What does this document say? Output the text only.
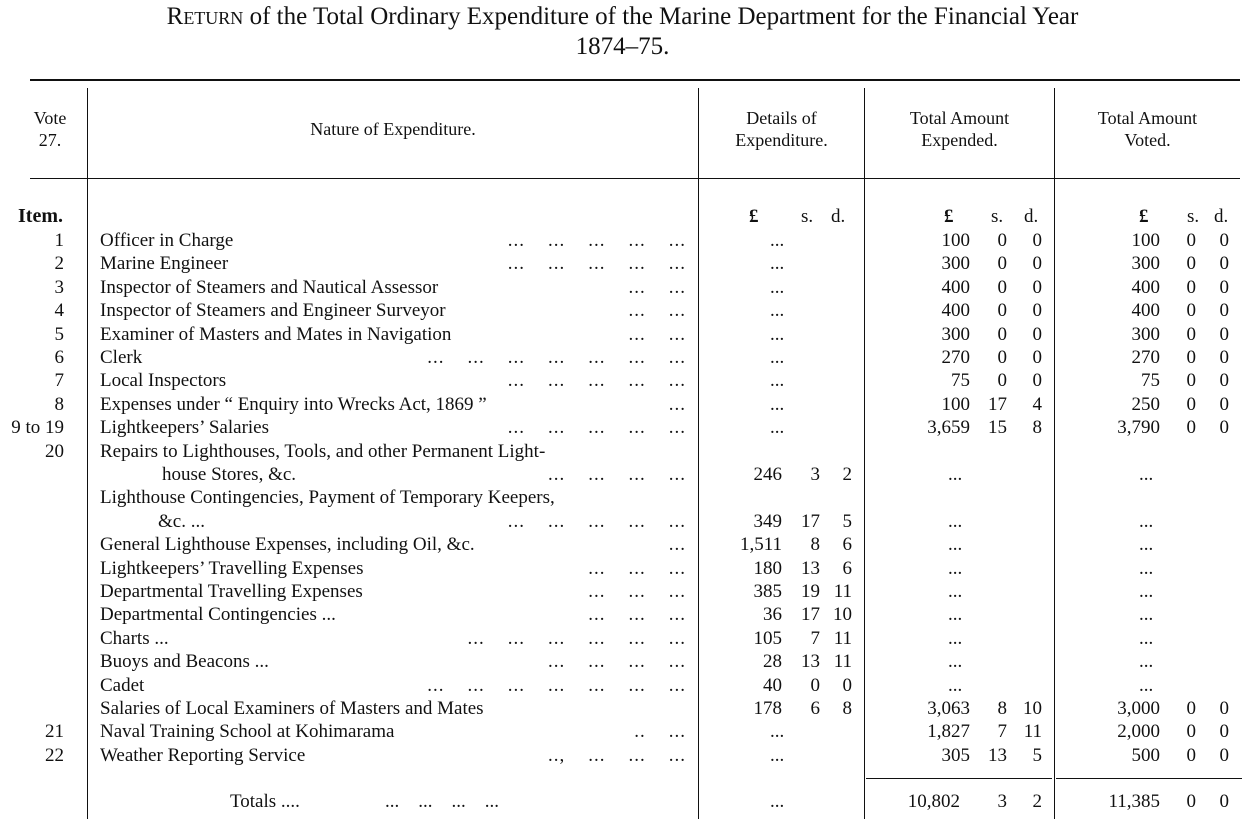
Return of the Total Ordinary Expenditure of the Marine Department for the Financial Year
1874–75.
Vote
27.
Nature of Expenditure.
Details of
Expenditure.
Total Amount
Expended.
Total Amount
Voted.
Item.	£ s. d.	£ s. d.	£ s. d.
1 Officer in Charge	...    ...    ...    ...    ...	...	100	0	0	100	0	0
2 Marine Engineer	...    ...    ...    ...    ...	...	300	0	0	300	0	0
3 Inspector of Steamers and Nautical Assessor	...    ...	...	400	0	0	400	0	0
4 Inspector of Steamers and Engineer Surveyor	...    ...	...	400	0	0	400	0	0
5 Examiner of Masters and Mates in Navigation	...    ...	...	300	0	0	300	0	0
6 Clerk	...    ...    ...    ...    ...    ...    ...	...	270	0	0	270	0	0
7 Local Inspectors	...    ...    ...    ...    ...	...	75	0	0	75	0	0
8 Expenses under “ Enquiry into Wrecks Act, 1869 ”	...	...	100 17	4	250	0	0
9 to 19 Lightkeepers’ Salaries	...    ...    ...    ...    ...	...	3,659 15	8	3,790	0	0
20 Repairs to Lighthouses, Tools, and other Permanent Light-
house Stores, &c.	...    ...    ...    ...	246	3	2	...	...
Lighthouse Contingencies, Payment of Temporary Keepers,
&c. ...	...    ...    ...    ...    ...	349	17	5	...	...
General Lighthouse Expenses, including Oil, &c.	...	1,511	8	6	...	...
Lightkeepers’ Travelling Expenses	...    ...    ...	180	13	6	...	...
Departmental Travelling Expenses	...    ...    ...	385	19 11	...	...
Departmental Contingencies ...	...    ...    ...	36	17 10	...	...
Charts ...	...    ...    ...    ...    ...    ...	105	7 11	...	...
Buoys and Beacons ...	...    ...    ...    ...	28	13 11	...	...
Cadet	...    ...    ...    ...    ...    ...    ...	40	0	0	...	...
Salaries of Local Examiners of Masters and Mates	178	6	8	3,063	8 10	3,000	0	0
21 Naval Training School at Kohimarama	..    ...	...	1,827	7 11	2,000	0	0
22 Weather Reporting Service	..,    ...    ...    ...	...	305 13	5	500	0	0
Totals ....	...    ...    ...    ...	...	10,802	3	2	11,385	0	0
